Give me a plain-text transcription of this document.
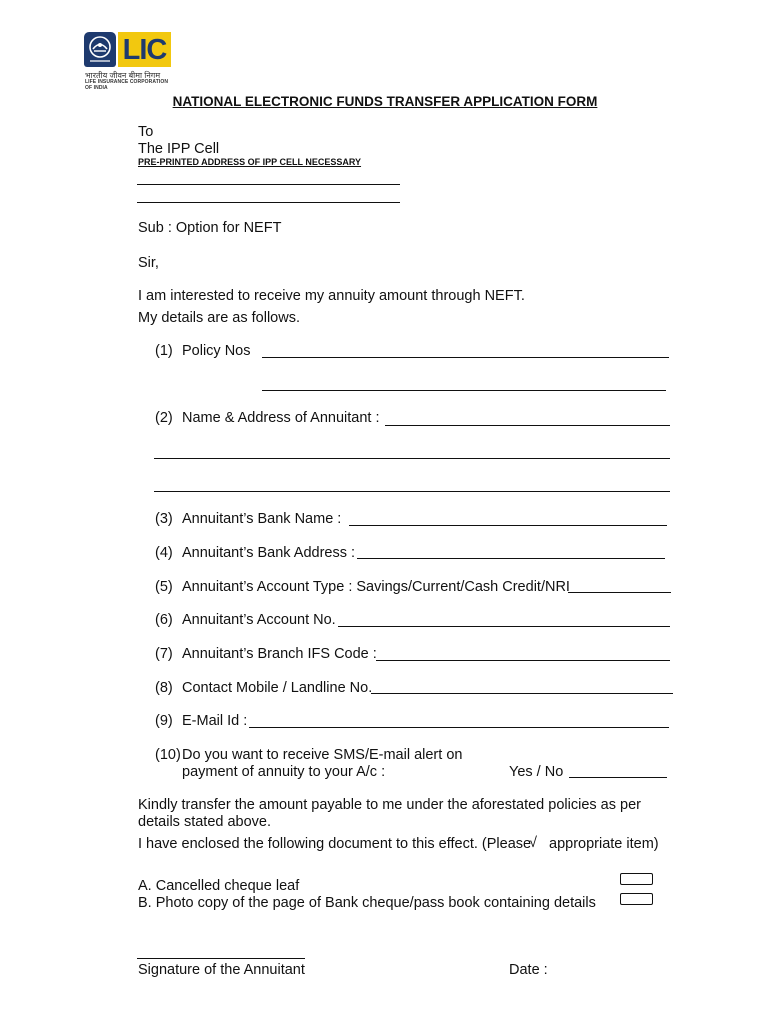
LIC
भारतीय जीवन बीमा निगम
LIFE INSURANCE CORPORATION OF INDIA
NATIONAL ELECTRONIC FUNDS TRANSFER APPLICATION FORM
To
The IPP Cell
PRE-PRINTED ADDRESS OF IPP CELL NECESSARY
Sub : Option for NEFT
Sir,
I am interested to receive my annuity amount through NEFT.
My details are as follows.
(1) Policy Nos
(2) Name & Address of Annuitant :
(3) Annuitant’s Bank Name :
(4) Annuitant’s Bank Address :
(5) Annuitant’s Account Type : Savings/Current/Cash Credit/NRI
(6) Annuitant’s Account No.
(7) Annuitant’s Branch IFS Code :
(8) Contact Mobile / Landline No.
(9) E-Mail Id :
(10) Do you want to receive SMS/E-mail alert on
payment of annuity to your A/c :	Yes / No
Kindly transfer the amount payable to me under the aforestated policies as per
details stated above.
I have enclosed the following document to this effect. (Please
√ appropriate item)
A. Cancelled cheque leaf
B. Photo copy of the page of Bank cheque/pass book containing details
Signature of the Annuitant	Date :
